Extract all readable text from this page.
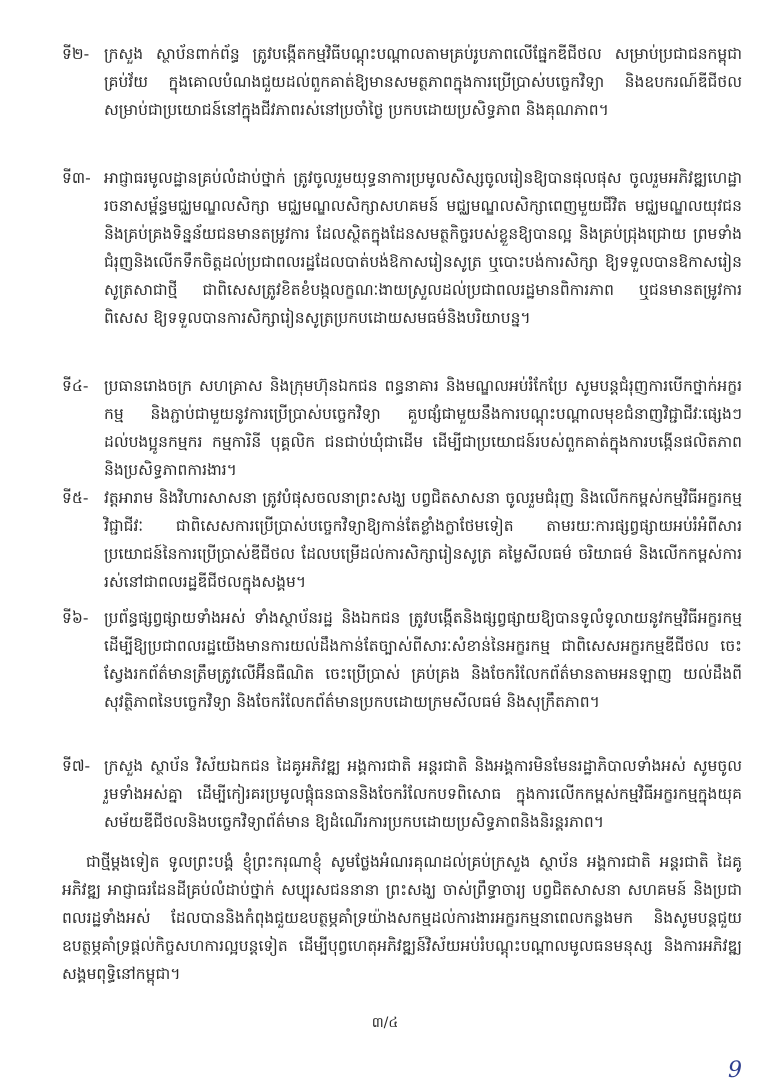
ទី២- ក្រសួង ស្ថាប័នពាក់ព័ន្ធ ត្រូវបង្កើតកម្មវិធីបណ្តុះបណ្តាលតាមគ្រប់រូបភាពលើផ្នែកឌីជីថល សម្រាប់ប្រជាជនកម្ពុជាគ្រប់វ័យ ក្នុងគោលបំណងជួយដល់ពួកគាត់ឱ្យមានសមត្ថភាពក្នុងការប្រើប្រាស់បច្ចេកវិទ្យា និងឧបករណ៍ឌីជីថល សម្រាប់ជាប្រយោជន៍នៅក្នុងជីវភាពរស់នៅប្រចាំថ្ងៃ ប្រកបដោយប្រសិទ្ធភាព និងគុណភាព។
ទី៣- អាជ្ញាធរមូលដ្ឋានគ្រប់លំដាប់ថ្នាក់ ត្រូវចូលរួមយុទ្ធនាការប្រមូលសិស្សចូលរៀនឱ្យបានផុលផុស ចូលរួមអភិវឌ្ឍហេដ្ឋារចនាសម្ព័ន្ធមជ្ឈមណ្ឌលសិក្សា មជ្ឈមណ្ឌលសិក្សាសហគមន៍ មជ្ឈមណ្ឌលសិក្សាពេញមួយជីវិត មជ្ឈមណ្ឌលយុវជន និងគ្រប់គ្រងទិន្នន័យជនមានតម្រូវការ ដែលស្ថិតក្នុងដែនសមត្ថកិច្ចរបស់ខ្លួនឱ្យបានល្អ និងគ្រប់ជ្រុងជ្រោយ ព្រមទាំងជំរុញនិងលើកទឹកចិត្តដល់ប្រជាពលរដ្ឋដែលបាត់បង់ឱកាសរៀនសូត្រ ឬបោះបង់ការសិក្សា ឱ្យទទួលបានឱកាសរៀនសូត្រសាជាថ្មី ជាពិសេសត្រូវខិតខំបង្កលក្ខណៈងាយស្រួលដល់ប្រជាពលរដ្ឋមានពិការភាព ឬជនមានតម្រូវការពិសេស ឱ្យទទួលបានការសិក្សារៀនសូត្រប្រកបដោយសមធម៌និងបរិយាបន្ន។
ទី៤- ប្រធានរោងចក្រ សហគ្រាស និងក្រុមហ៊ុនឯកជន ពន្ធនាគារ និងមណ្ឌលអប់រំកែប្រែ សូមបន្តជំរុញការបើកថ្នាក់អក្ខរកម្ម និងភ្ជាប់ជាមួយនូវការប្រើប្រាស់បច្ចេកវិទ្យា គួបផ្សំជាមួយនឹងការបណ្តុះបណ្តាលមុខជំនាញវិជ្ជាជីវៈផ្សេងៗ ដល់បងប្អូនកម្មករ កម្មការិនី បុគ្គលិក ជនជាប់ឃុំជាដើម ដើម្បីជាប្រយោជន៍របស់ពួកគាត់ក្នុងការបង្កើនផលិតភាព និងប្រសិទ្ធភាពការងារ។
ទី៥- វត្តអារាម និងវិហារសាសនា ត្រូវបំផុសចលនាព្រះសង្ឃ បព្វជិតសាសនា ចូលរួមជំរុញ និងលើកកម្ពស់កម្មវិធីអក្ខរកម្មវិជ្ជាជីវៈ ជាពិសេសការប្រើប្រាស់បច្ចេកវិទ្យាឱ្យកាន់តែខ្លាំងក្លាថែមទៀត តាមរយៈការផ្សព្វផ្សាយអប់រំអំពីសារប្រយោជន៍នៃការប្រើប្រាស់ឌីជីថល ដែលបម្រើដល់ការសិក្សារៀនសូត្រ គម្លៃសីលធម៌ ចរិយាធម៌ និងលើកកម្ពស់ការរស់នៅជាពលរដ្ឋឌីជីថលក្នុងសង្គម។
ទី៦- ប្រព័ន្ធផ្សព្វផ្សាយទាំងអស់ ទាំងស្ថាប័នរដ្ឋ និងឯកជន ត្រូវបង្កើតនិងផ្សព្វផ្សាយឱ្យបានទូលំទូលាយនូវកម្មវិធីអក្ខរកម្ម ដើម្បីឱ្យប្រជាពលរដ្ឋយើងមានការយល់ដឹងកាន់តែច្បាស់ពីសារៈសំខាន់នៃអក្ខរកម្ម ជាពិសេសអក្ខរកម្មឌីជីថល ចេះស្វែងរកព័ត៌មានត្រឹមត្រូវលើអ៊ីនធឺណិត ចេះប្រើប្រាស់ គ្រប់គ្រង និងចែករំលែកព័ត៌មានតាមអនឡាញ យល់ដឹងពីសុវត្ថិភាពនៃបច្ចេកវិទ្យា និងចែករំលែកព័ត៌មានប្រកបដោយក្រមសីលធម៌ និងសុក្រឹតភាព។
ទី៧- ក្រសួង ស្ថាប័ន វិស័យឯកជន ដៃគូអភិវឌ្ឍ អង្គការជាតិ អន្តរជាតិ និងអង្គការមិនមែនរដ្ឋាភិបាលទាំងអស់ សូមចូលរួមទាំងអស់គ្នា ដើម្បីកៀរគរប្រមូលផ្តុំធនធាននិងចែករំលែកបទពិសោធ ក្នុងការលើកកម្ពស់កម្មវិធីអក្ខរកម្មក្នុងយុគសម័យឌីជីថលនិងបច្ចេកវិទ្យាព័ត៌មាន ឱ្យដំណើរការប្រកបដោយប្រសិទ្ធភាពនិងនិរន្តរភាព។
ជាថ្មីម្តងទៀត ទូលព្រះបង្គំ ខ្ញុំព្រះករុណាខ្ញុំ សូមថ្លែងអំណរគុណដល់គ្រប់ក្រសួង ស្ថាប័ន អង្គការជាតិ អន្តរជាតិ ដៃគូអភិវឌ្ឍ អាជ្ញាធរដែនដីគ្រប់លំដាប់ថ្នាក់ សប្បុរសជននានា ព្រះសង្ឃ ចាស់ព្រឹទ្ធាចារ្យ បព្វជិតសាសនា សហគមន៍ និងប្រជាពលរដ្ឋទាំងអស់ ដែលបាននិងកំពុងជួយឧបត្ថម្ភគាំទ្រយ៉ាងសកម្មដល់ការងារអក្ខរកម្មនាពេលកន្លងមក និងសូមបន្តជួយឧបត្ថម្ភគាំទ្រផ្តល់កិច្ចសហការល្អបន្តទៀត ដើម្បីបុព្វហេតុអភិវឌ្ឍន៍វិស័យអប់រំបណ្តុះបណ្តាលមូលធនមនុស្ស និងការអភិវឌ្ឍសង្គមពុទ្ធិនៅកម្ពុជា។
៣/៤
9
